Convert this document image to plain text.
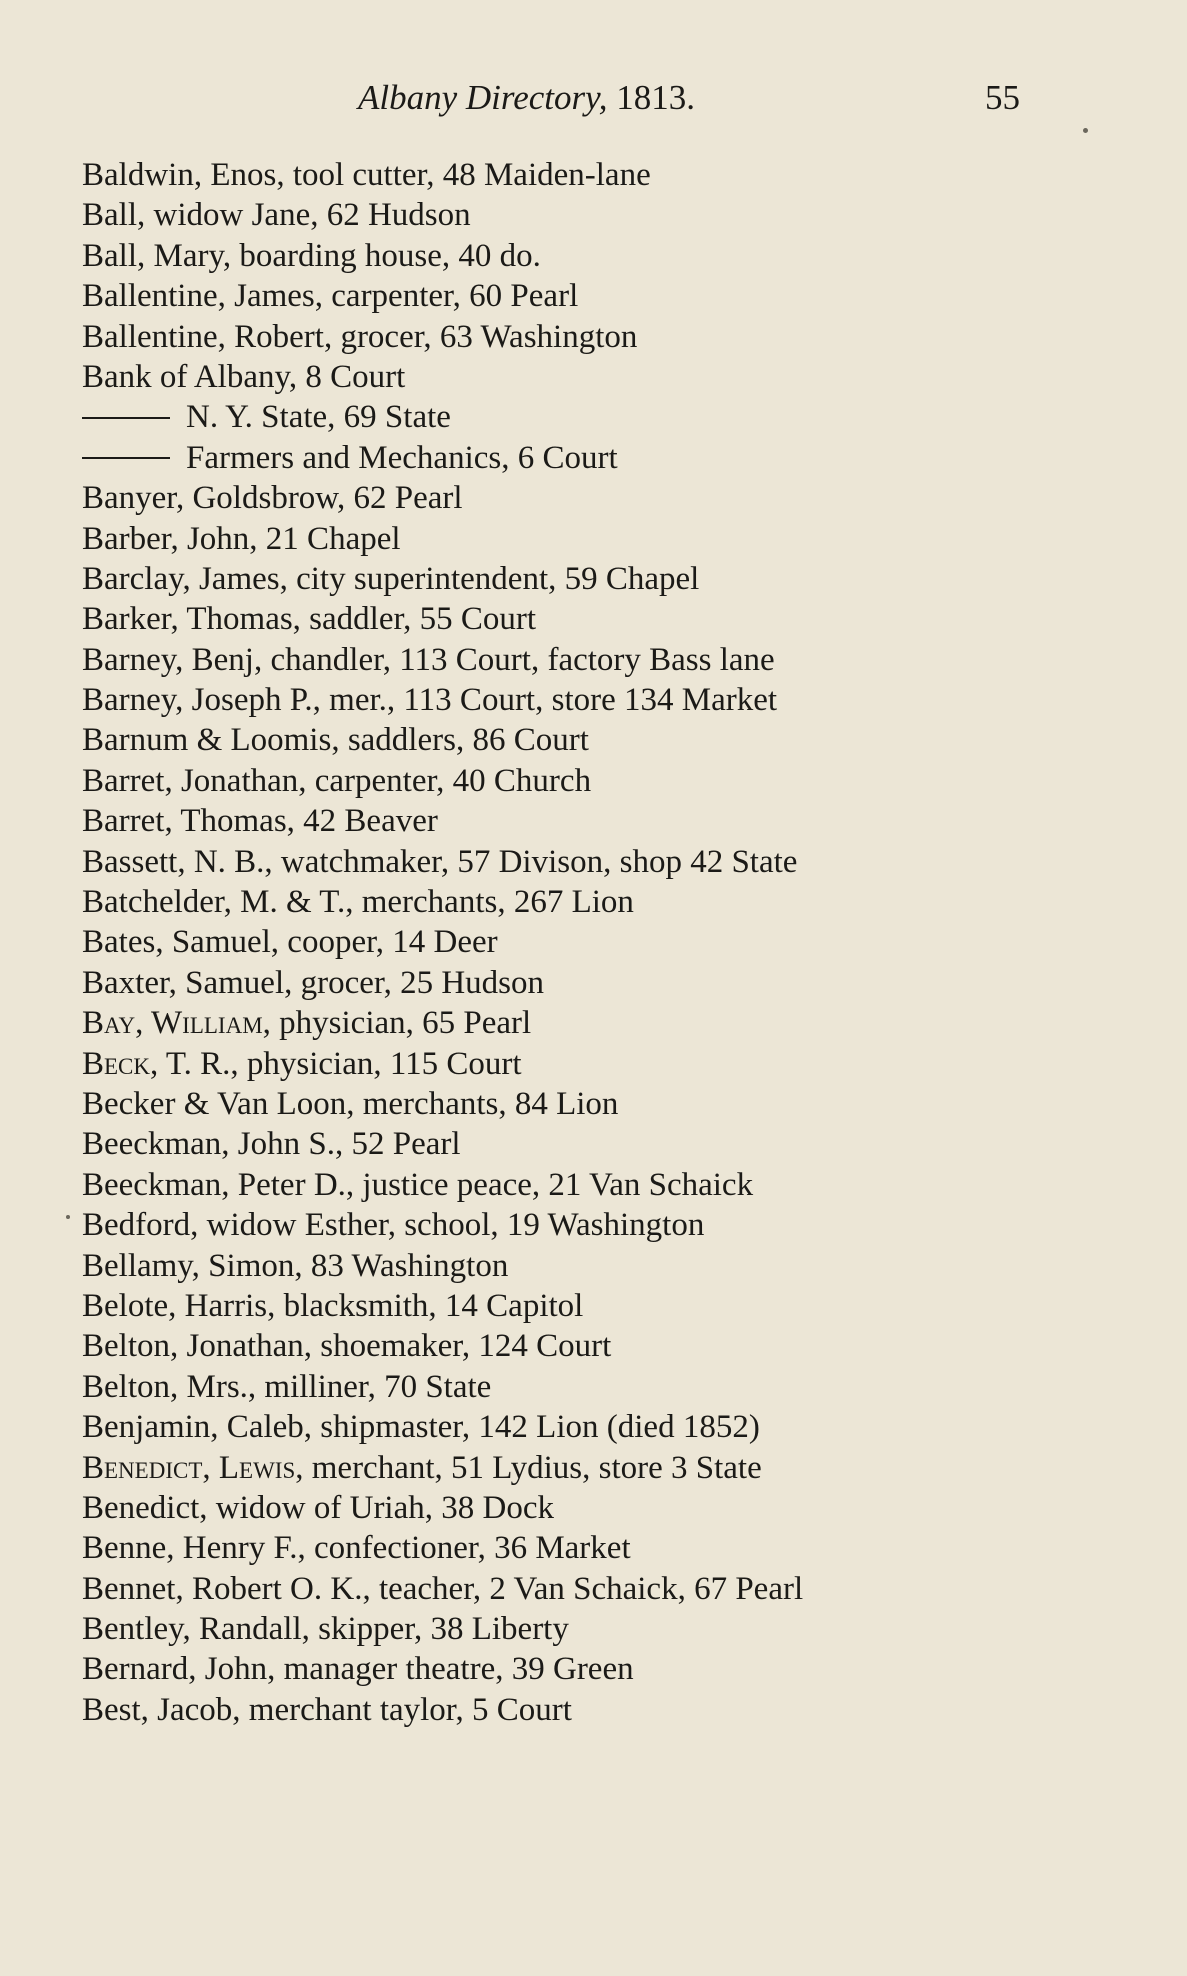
Albany Directory, 1813.	55
Baldwin, Enos, tool cutter, 48 Maiden-lane
Ball, widow Jane, 62 Hudson
Ball, Mary, boarding house, 40 do.
Ballentine, James, carpenter, 60 Pearl
Ballentine, Robert, grocer, 63 Washington
Bank of Albany, 8 Court
N. Y. State, 69 State
Farmers and Mechanics, 6 Court
Banyer, Goldsbrow, 62 Pearl
Barber, John, 21 Chapel
Barclay, James, city superintendent, 59 Chapel
Barker, Thomas, saddler, 55 Court
Barney, Benj, chandler, 113 Court, factory Bass lane
Barney, Joseph P., mer., 113 Court, store 134 Market
Barnum & Loomis, saddlers, 86 Court
Barret, Jonathan, carpenter, 40 Church
Barret, Thomas, 42 Beaver
Bassett, N. B., watchmaker, 57 Divison, shop 42 State
Batchelder, M. & T., merchants, 267 Lion
Bates, Samuel, cooper, 14 Deer
Baxter, Samuel, grocer, 25 Hudson
Bay, William, physician, 65 Pearl
Beck, T. R., physician, 115 Court
Becker & Van Loon, merchants, 84 Lion
Beeckman, John S., 52 Pearl
Beeckman, Peter D., justice peace, 21 Van Schaick
Bedford, widow Esther, school, 19 Washington
Bellamy, Simon, 83 Washington
Belote, Harris, blacksmith, 14 Capitol
Belton, Jonathan, shoemaker, 124 Court
Belton, Mrs., milliner, 70 State
Benjamin, Caleb, shipmaster, 142 Lion (died 1852)
Benedict, Lewis, merchant, 51 Lydius, store 3 State
Benedict, widow of Uriah, 38 Dock
Benne, Henry F., confectioner, 36 Market
Bennet, Robert O. K., teacher, 2 Van Schaick, 67 Pearl
Bentley, Randall, skipper, 38 Liberty
Bernard, John, manager theatre, 39 Green
Best, Jacob, merchant taylor, 5 Court
